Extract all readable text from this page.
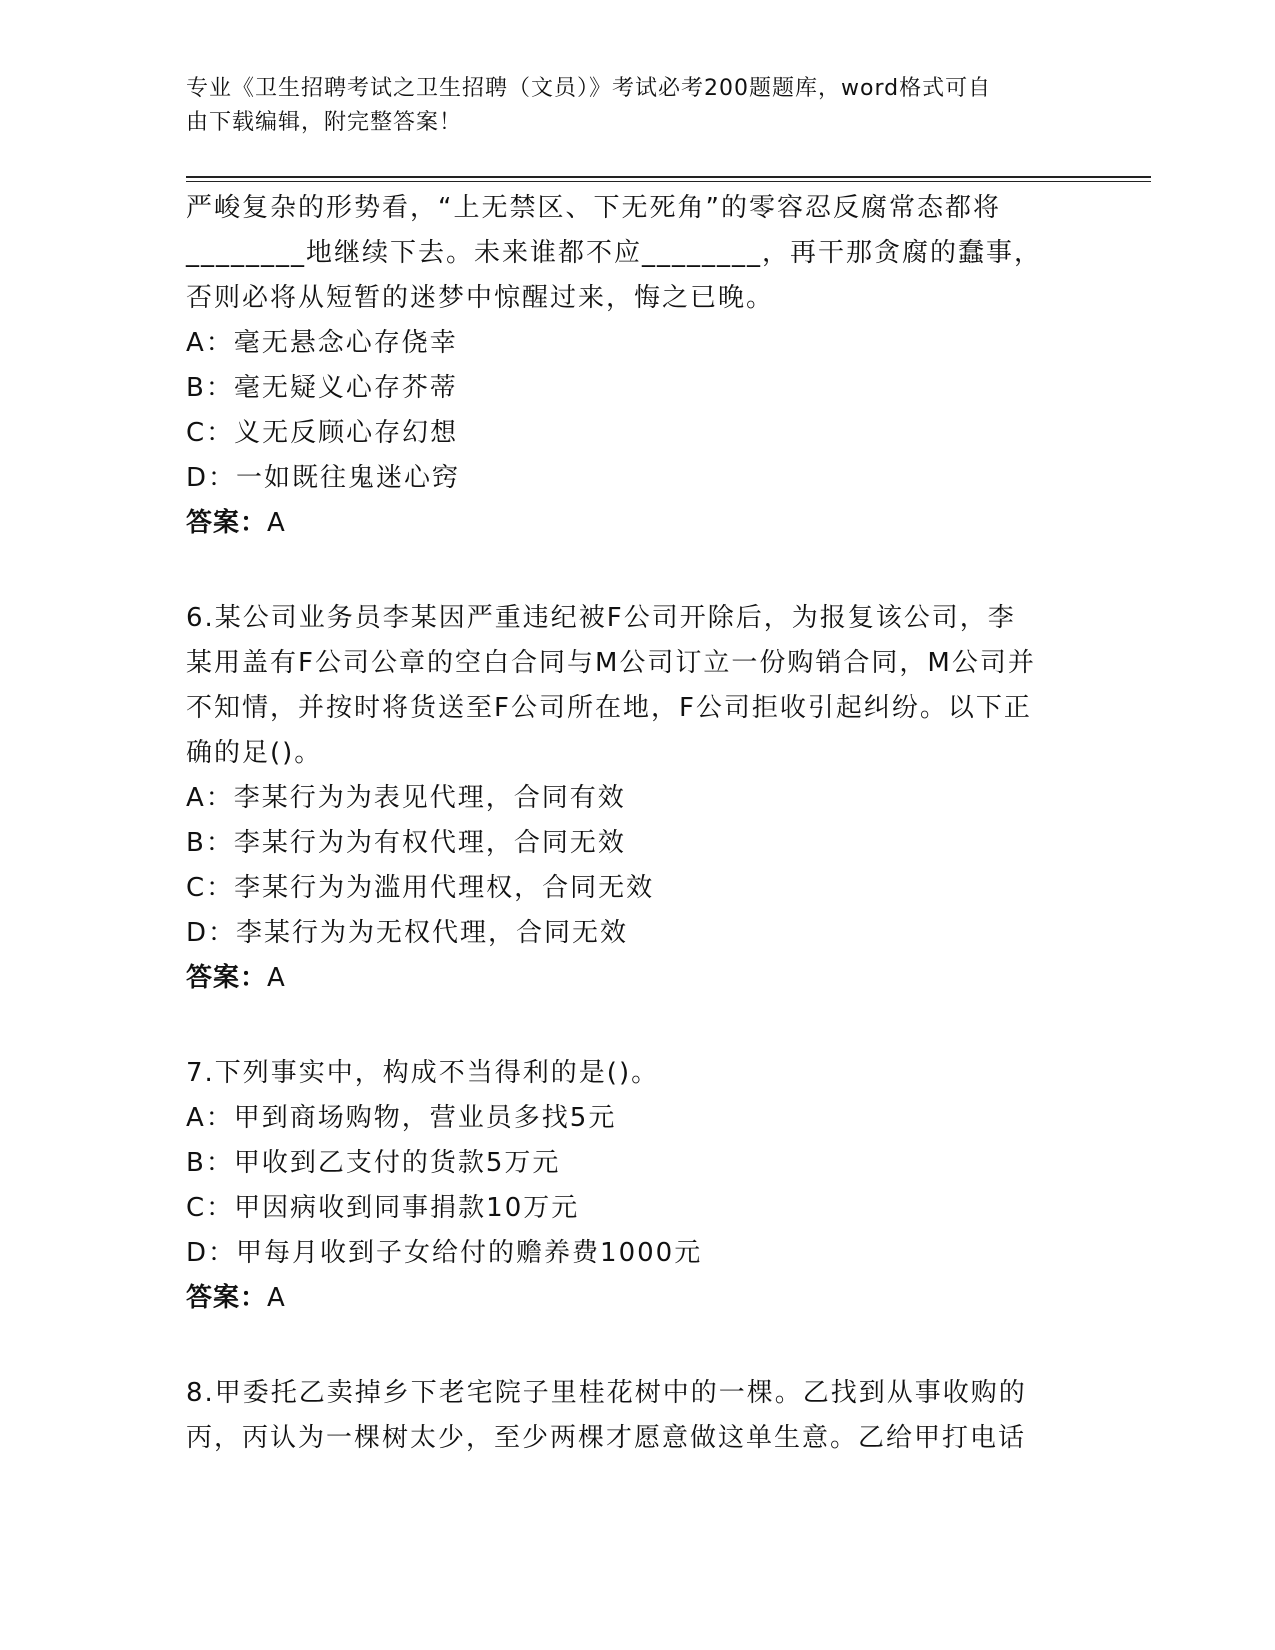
专业《卫生招聘考试之卫生招聘（文员）》考试必考200题题库，word格式可自
由下载编辑，附完整答案！
严峻复杂的形势看，“上无禁区、下无死角”的零容忍反腐常态都将
________地继续下去。未来谁都不应________，再干那贪腐的蠢事，
否则必将从短暂的迷梦中惊醒过来，悔之已晚。
A：毫无悬念心存侥幸
B：毫无疑义心存芥蒂
C：义无反顾心存幻想
D：一如既往鬼迷心窍
答案：A
6.某公司业务员李某因严重违纪被F公司开除后，为报复该公司，李
某用盖有F公司公章的空白合同与M公司订立一份购销合同，M公司并
不知情，并按时将货送至F公司所在地，F公司拒收引起纠纷。以下正
确的足()。
A：李某行为为表见代理，合同有效
B：李某行为为有权代理，合同无效
C：李某行为为滥用代理权，合同无效
D：李某行为为无权代理，合同无效
答案：A
7.下列事实中，构成不当得利的是()。
A：甲到商场购物，营业员多找5元
B：甲收到乙支付的货款5万元
C：甲因病收到同事捐款10万元
D：甲每月收到子女给付的赡养费1000元
答案：A
8.甲委托乙卖掉乡下老宅院子里桂花树中的一棵。乙找到从事收购的
丙，丙认为一棵树太少，至少两棵才愿意做这单生意。乙给甲打电话
